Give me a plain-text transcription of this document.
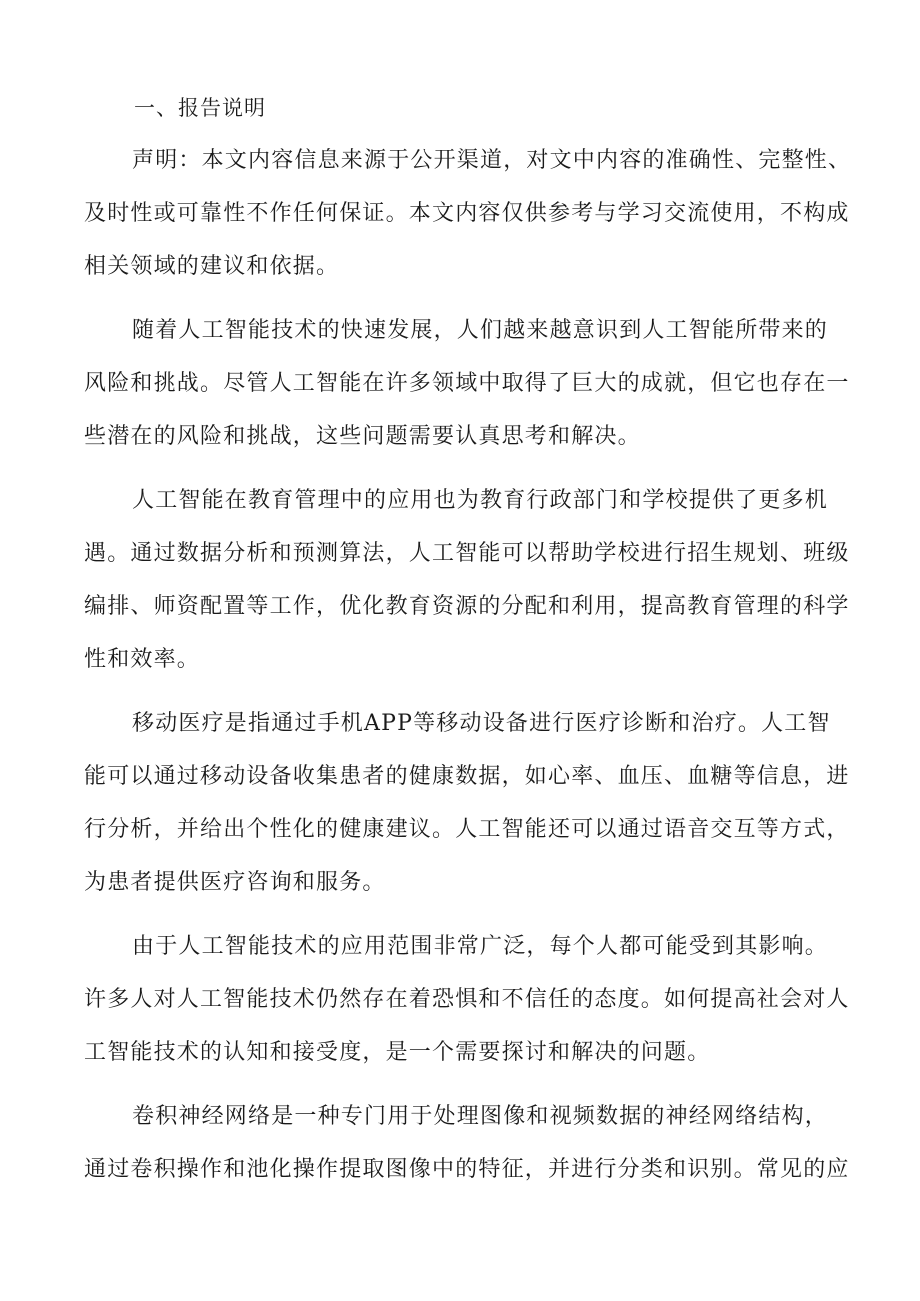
一、报告说明
声明：本文内容信息来源于公开渠道，对文中内容的准确性、完整性、
及时性或可靠性不作任何保证。本文内容仅供参考与学习交流使用，不构成
相关领域的建议和依据。
随着人工智能技术的快速发展，人们越来越意识到人工智能所带来的
风险和挑战。尽管人工智能在许多领域中取得了巨大的成就，但它也存在一
些潜在的风险和挑战，这些问题需要认真思考和解决。
人工智能在教育管理中的应用也为教育行政部门和学校提供了更多机
遇。通过数据分析和预测算法，人工智能可以帮助学校进行招生规划、班级
编排、师资配置等工作，优化教育资源的分配和利用，提高教育管理的科学
性和效率。
移动医疗是指通过手机APP等移动设备进行医疗诊断和治疗。人工智
能可以通过移动设备收集患者的健康数据，如心率、血压、血糖等信息，进
行分析，并给出个性化的健康建议。人工智能还可以通过语音交互等方式，
为患者提供医疗咨询和服务。
由于人工智能技术的应用范围非常广泛，每个人都可能受到其影响。
许多人对人工智能技术仍然存在着恐惧和不信任的态度。如何提高社会对人
工智能技术的认知和接受度，是一个需要探讨和解决的问题。
卷积神经网络是一种专门用于处理图像和视频数据的神经网络结构，
通过卷积操作和池化操作提取图像中的特征，并进行分类和识别。常见的应
